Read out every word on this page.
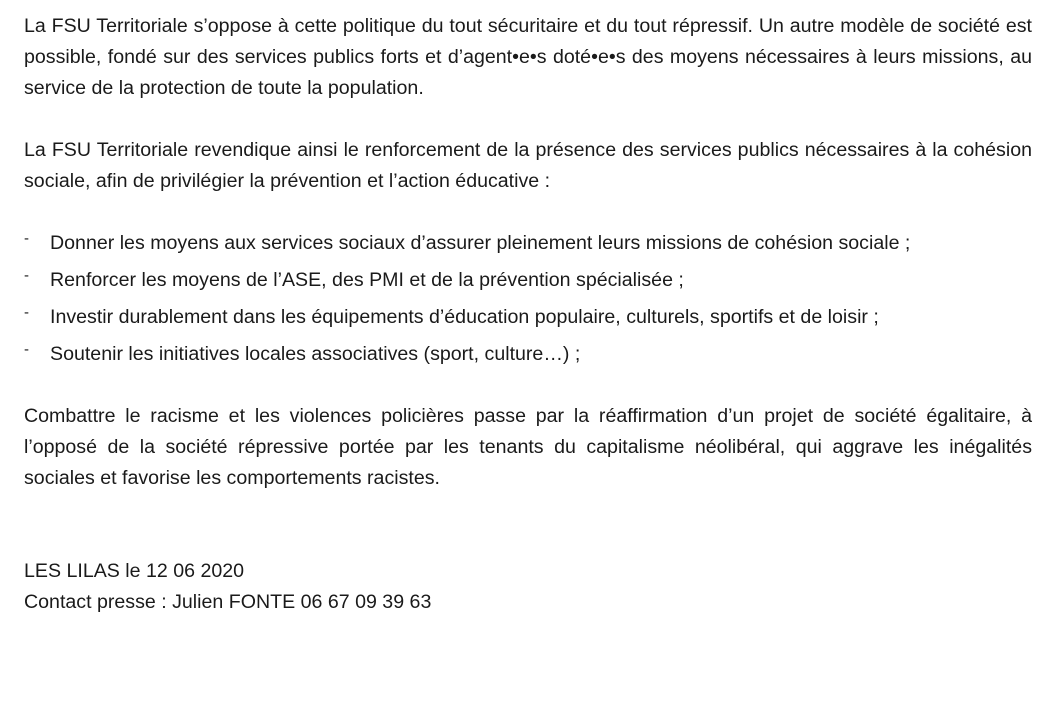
La FSU Territoriale s’oppose à cette politique du tout sécuritaire et du tout répressif. Un autre modèle de société est possible, fondé sur des services publics forts et d’agent•e•s doté•e•s des moyens nécessaires à leurs missions, au service de la protection de toute la population.

La FSU Territoriale revendique ainsi le renforcement de la présence des services publics nécessaires à la cohésion sociale, afin de privilégier la prévention et l’action éducative :

- Donner les moyens aux services sociaux d’assurer pleinement leurs missions de cohésion sociale ;
- Renforcer les moyens de l’ASE, des PMI et de la prévention spécialisée ;
- Investir durablement dans les équipements d’éducation populaire, culturels, sportifs et de loisir ;
- Soutenir les initiatives locales associatives (sport, culture…) ;

Combattre le racisme et les violences policières passe par la réaffirmation d’un projet de société égalitaire, à l’opposé de la société répressive portée par les tenants du capitalisme néolibéral, qui aggrave les inégalités sociales et favorise les comportements racistes.

LES LILAS le 12 06 2020

Contact presse : Julien FONTE 06 67 09 39 63
